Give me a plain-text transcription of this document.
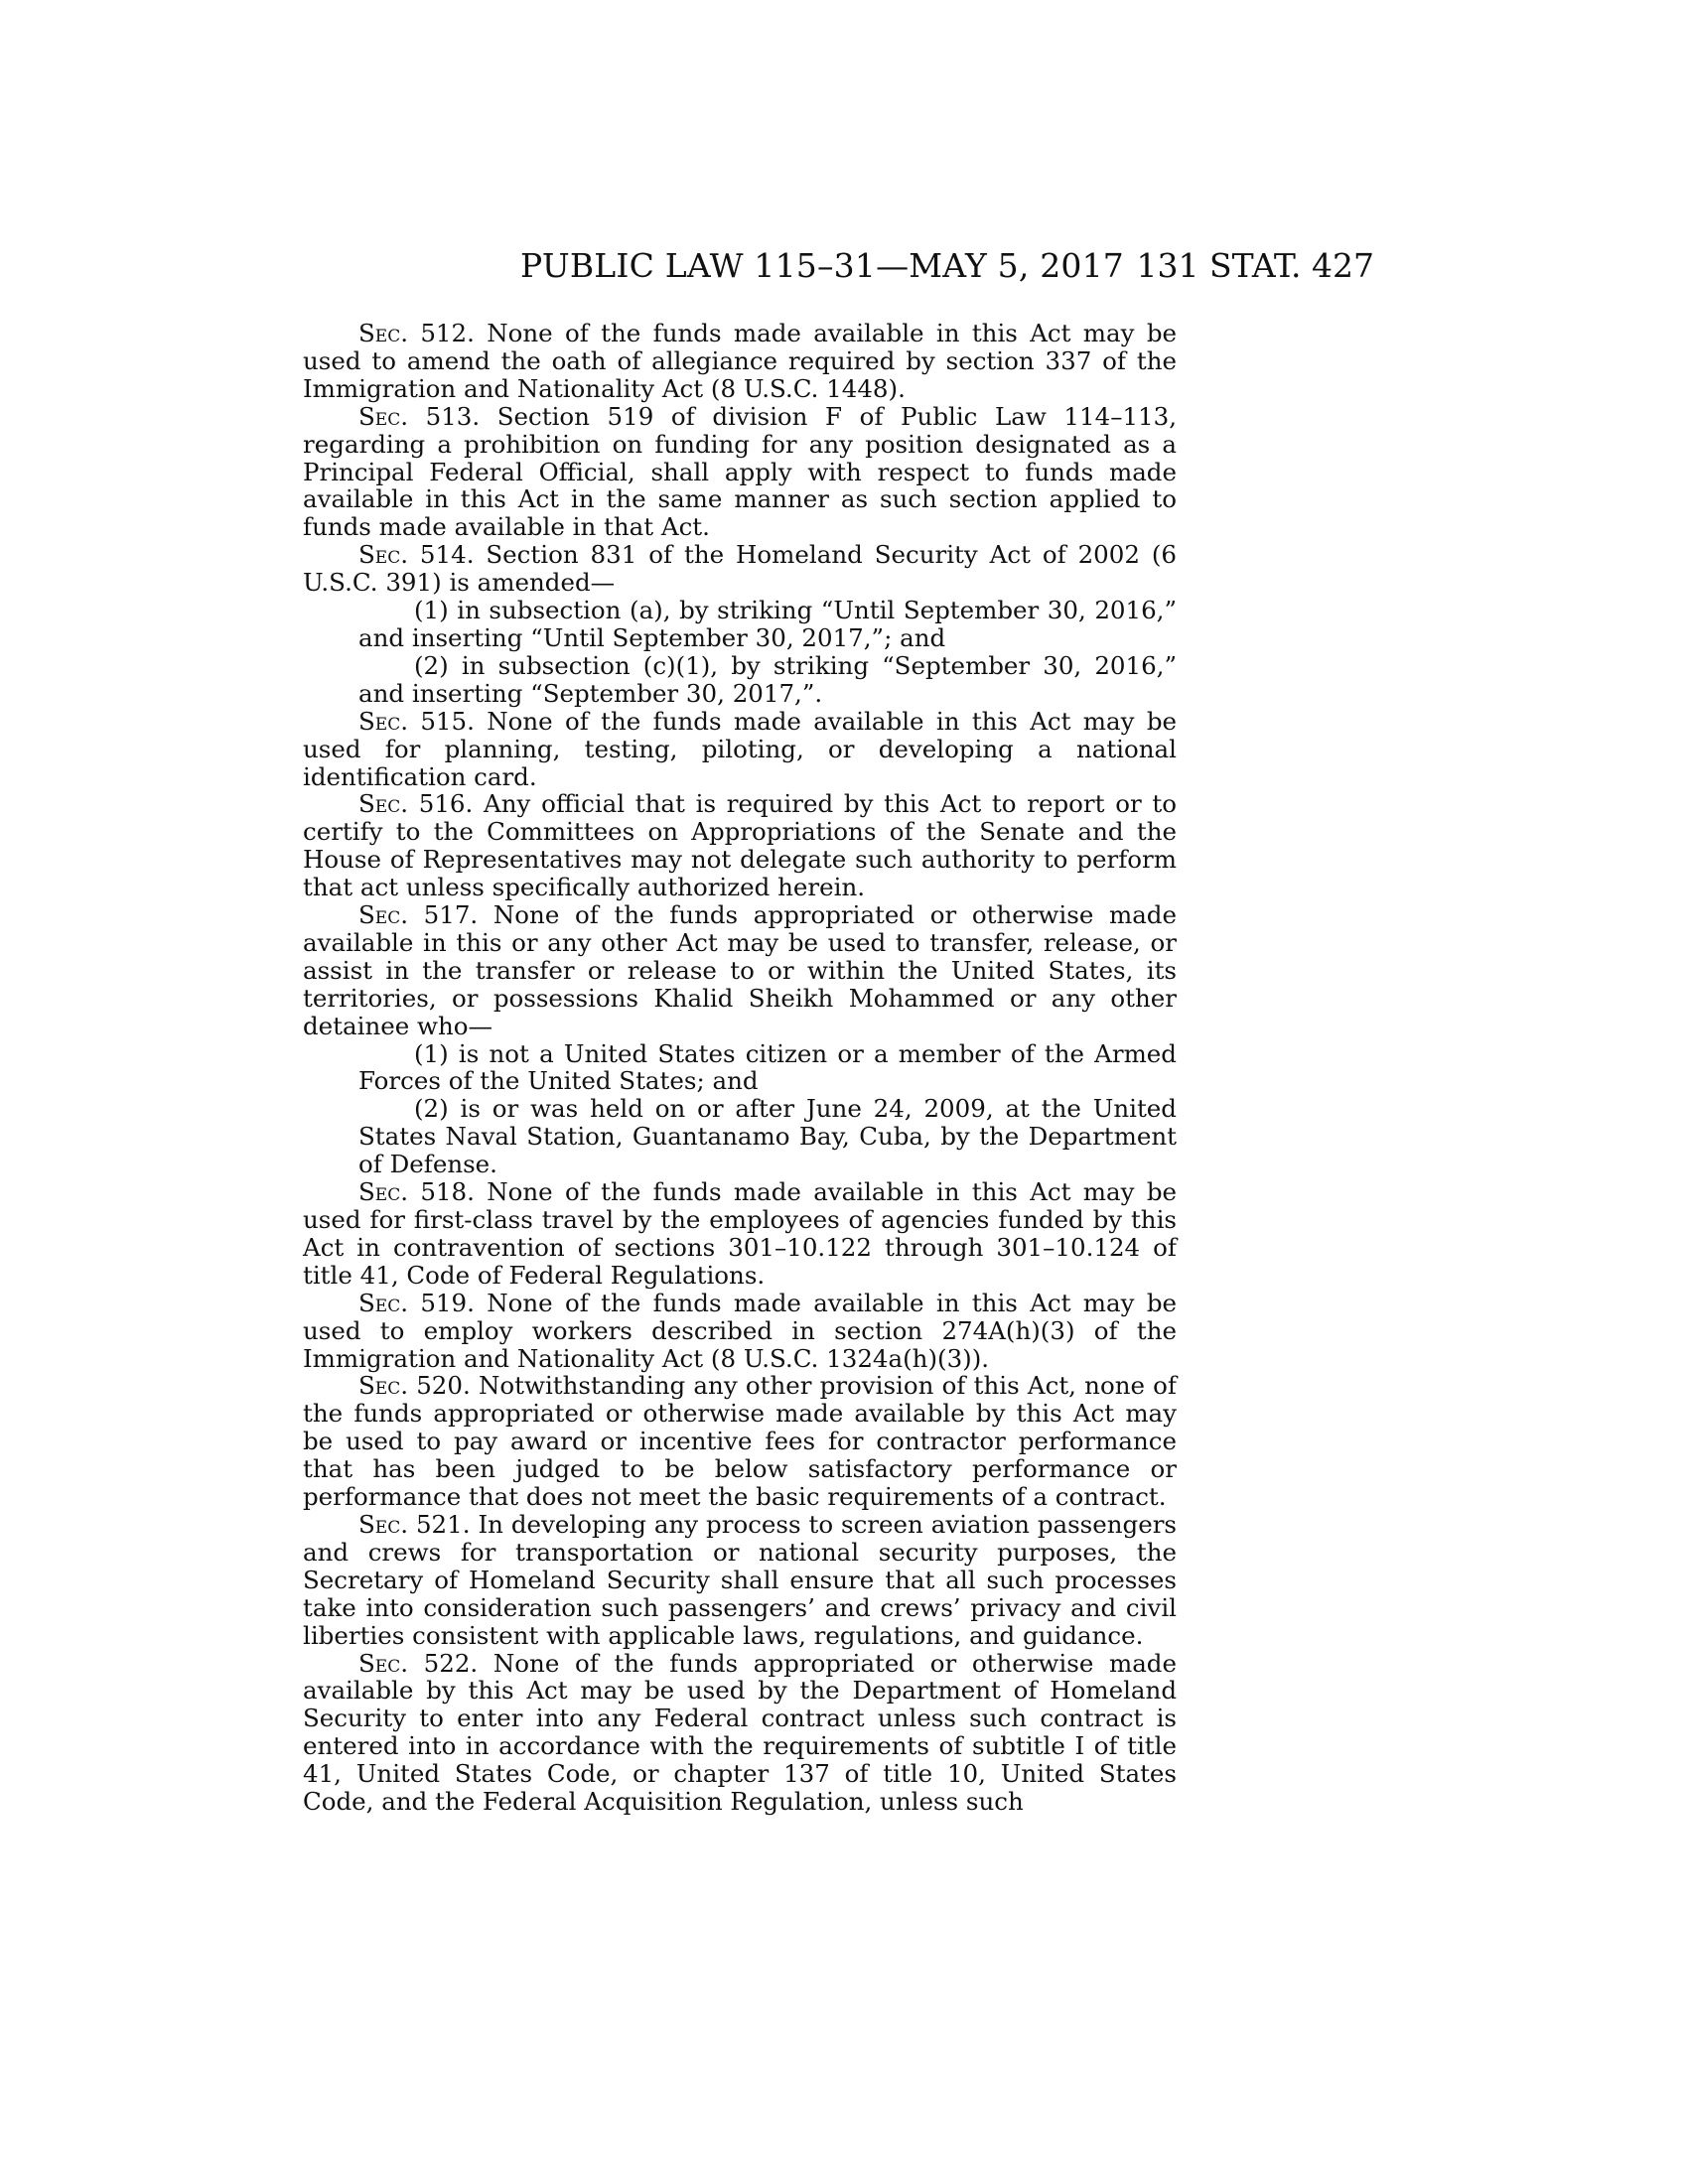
PUBLIC LAW 115–31—MAY 5, 2017 131 STAT. 427

Sec. 512. None of the funds made available in this Act may be used to amend the oath of allegiance required by section 337 of the Immigration and Nationality Act (8 U.S.C. 1448).

Sec. 513. Section 519 of division F of Public Law 114–113, regarding a prohibition on funding for any position designated as a Principal Federal Official, shall apply with respect to funds made available in this Act in the same manner as such section applied to funds made available in that Act.

Sec. 514. Section 831 of the Homeland Security Act of 2002 (6 U.S.C. 391) is amended—

(1) in subsection (a), by striking “Until September 30, 2016,” and inserting “Until September 30, 2017,”; and

(2) in subsection (c)(1), by striking “September 30, 2016,” and inserting “September 30, 2017,”.

Sec. 515. None of the funds made available in this Act may be used for planning, testing, piloting, or developing a national identification card.

Sec. 516. Any official that is required by this Act to report or to certify to the Committees on Appropriations of the Senate and the House of Representatives may not delegate such authority to perform that act unless specifically authorized herein.

Sec. 517. None of the funds appropriated or otherwise made available in this or any other Act may be used to transfer, release, or assist in the transfer or release to or within the United States, its territories, or possessions Khalid Sheikh Mohammed or any other detainee who—

(1) is not a United States citizen or a member of the Armed Forces of the United States; and

(2) is or was held on or after June 24, 2009, at the United States Naval Station, Guantanamo Bay, Cuba, by the Department of Defense.

Sec. 518. None of the funds made available in this Act may be used for first-class travel by the employees of agencies funded by this Act in contravention of sections 301–10.122 through 301–10.124 of title 41, Code of Federal Regulations.

Sec. 519. None of the funds made available in this Act may be used to employ workers described in section 274A(h)(3) of the Immigration and Nationality Act (8 U.S.C. 1324a(h)(3)).

Sec. 520. Notwithstanding any other provision of this Act, none of the funds appropriated or otherwise made available by this Act may be used to pay award or incentive fees for contractor performance that has been judged to be below satisfactory performance or performance that does not meet the basic requirements of a contract.

Sec. 521. In developing any process to screen aviation passengers and crews for transportation or national security purposes, the Secretary of Homeland Security shall ensure that all such processes take into consideration such passengers’ and crews’ privacy and civil liberties consistent with applicable laws, regulations, and guidance.

Sec. 522. None of the funds appropriated or otherwise made available by this Act may be used by the Department of Homeland Security to enter into any Federal contract unless such contract is entered into in accordance with the requirements of subtitle I of title 41, United States Code, or chapter 137 of title 10, United States Code, and the Federal Acquisition Regulation, unless such
